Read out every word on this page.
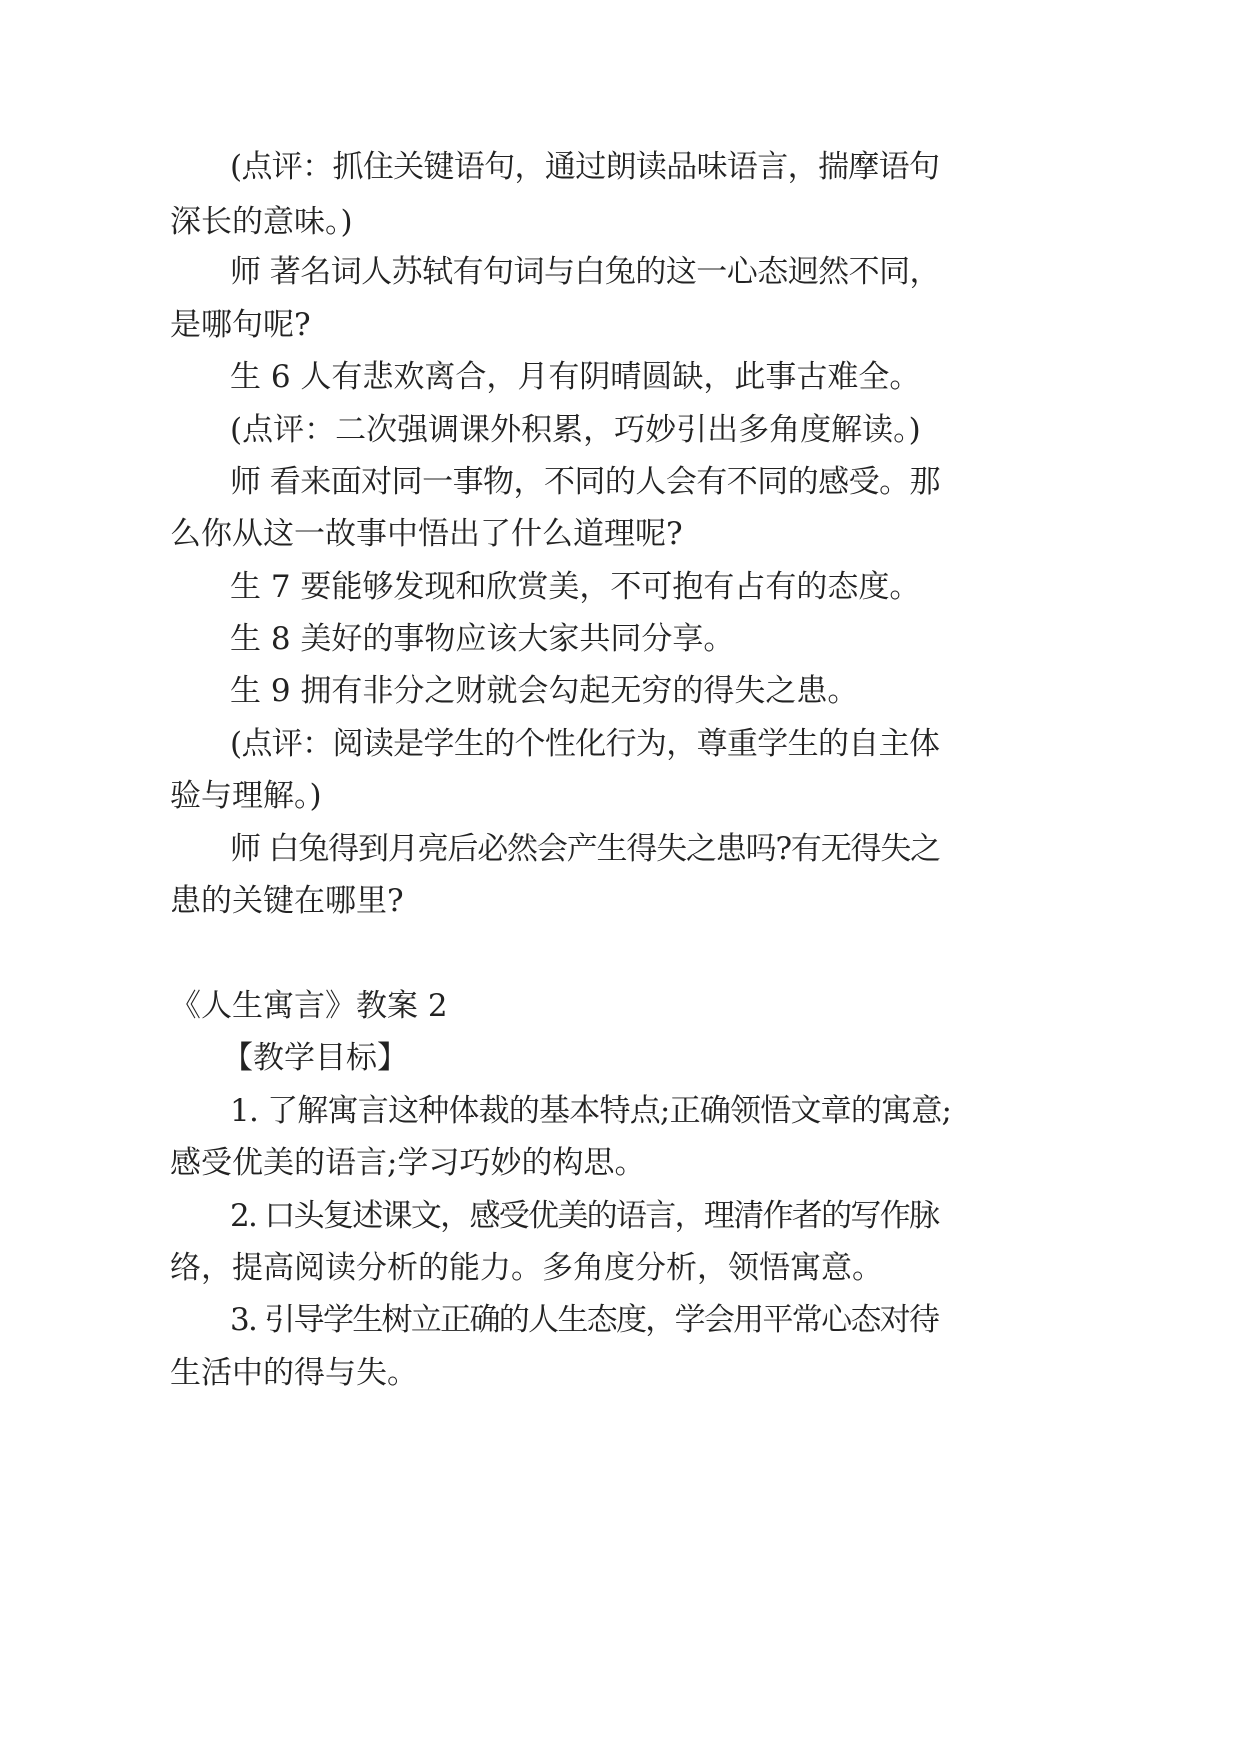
(点评：抓住关键语句，通过朗读品味语言，揣摩语句
深长的意味。)
师 著名词人苏轼有句词与白兔的这一心态迥然不同，
是哪句呢?
生 6 人有悲欢离合，月有阴晴圆缺，此事古难全。
(点评：二次强调课外积累，巧妙引出多角度解读。)
师 看来面对同一事物，不同的人会有不同的感受。那
么你从这一故事中悟出了什么道理呢?
生 7 要能够发现和欣赏美，不可抱有占有的态度。
生 8 美好的事物应该大家共同分享。
生 9 拥有非分之财就会勾起无穷的得失之患。
(点评：阅读是学生的个性化行为，尊重学生的自主体
验与理解。)
师 白兔得到月亮后必然会产生得失之患吗?有无得失之
患的关键在哪里?
《人生寓言》教案 2
【教学目标】
1. 了解寓言这种体裁的基本特点;正确领悟文章的寓意;
感受优美的语言;学习巧妙的构思。
2. 口头复述课文，感受优美的语言，理清作者的写作脉
络，提高阅读分析的能力。多角度分析，领悟寓意。
3. 引导学生树立正确的人生态度，学会用平常心态对待
生活中的得与失。
